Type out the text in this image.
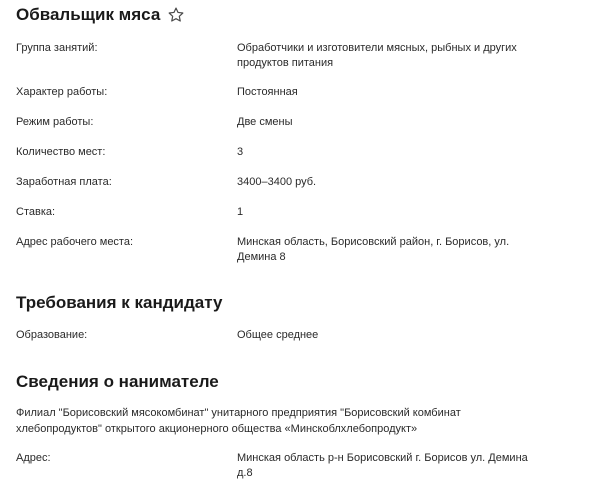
Обвальщик мяса
Группа занятий:	Обработчики и изготовители мясных, рыбных и других продуктов питания
Характер работы:	Постоянная
Режим работы:	Две смены
Количество мест:	3
Заработная плата:	3400–3400 руб.
Ставка:	1
Адрес рабочего места:	Минская область, Борисовский район, г. Борисов, ул. Демина 8
Требования к кандидату
Образование:	Общее среднее
Сведения о нанимателе
Филиал "Борисовский мясокомбинат" унитарного предприятия "Борисовский комбинат хлебопродуктов" открытого акционерного общества «Минскоблхлебопродукт»
Адрес:	Минская область р-н Борисовский г. Борисов ул. Демина д.8
